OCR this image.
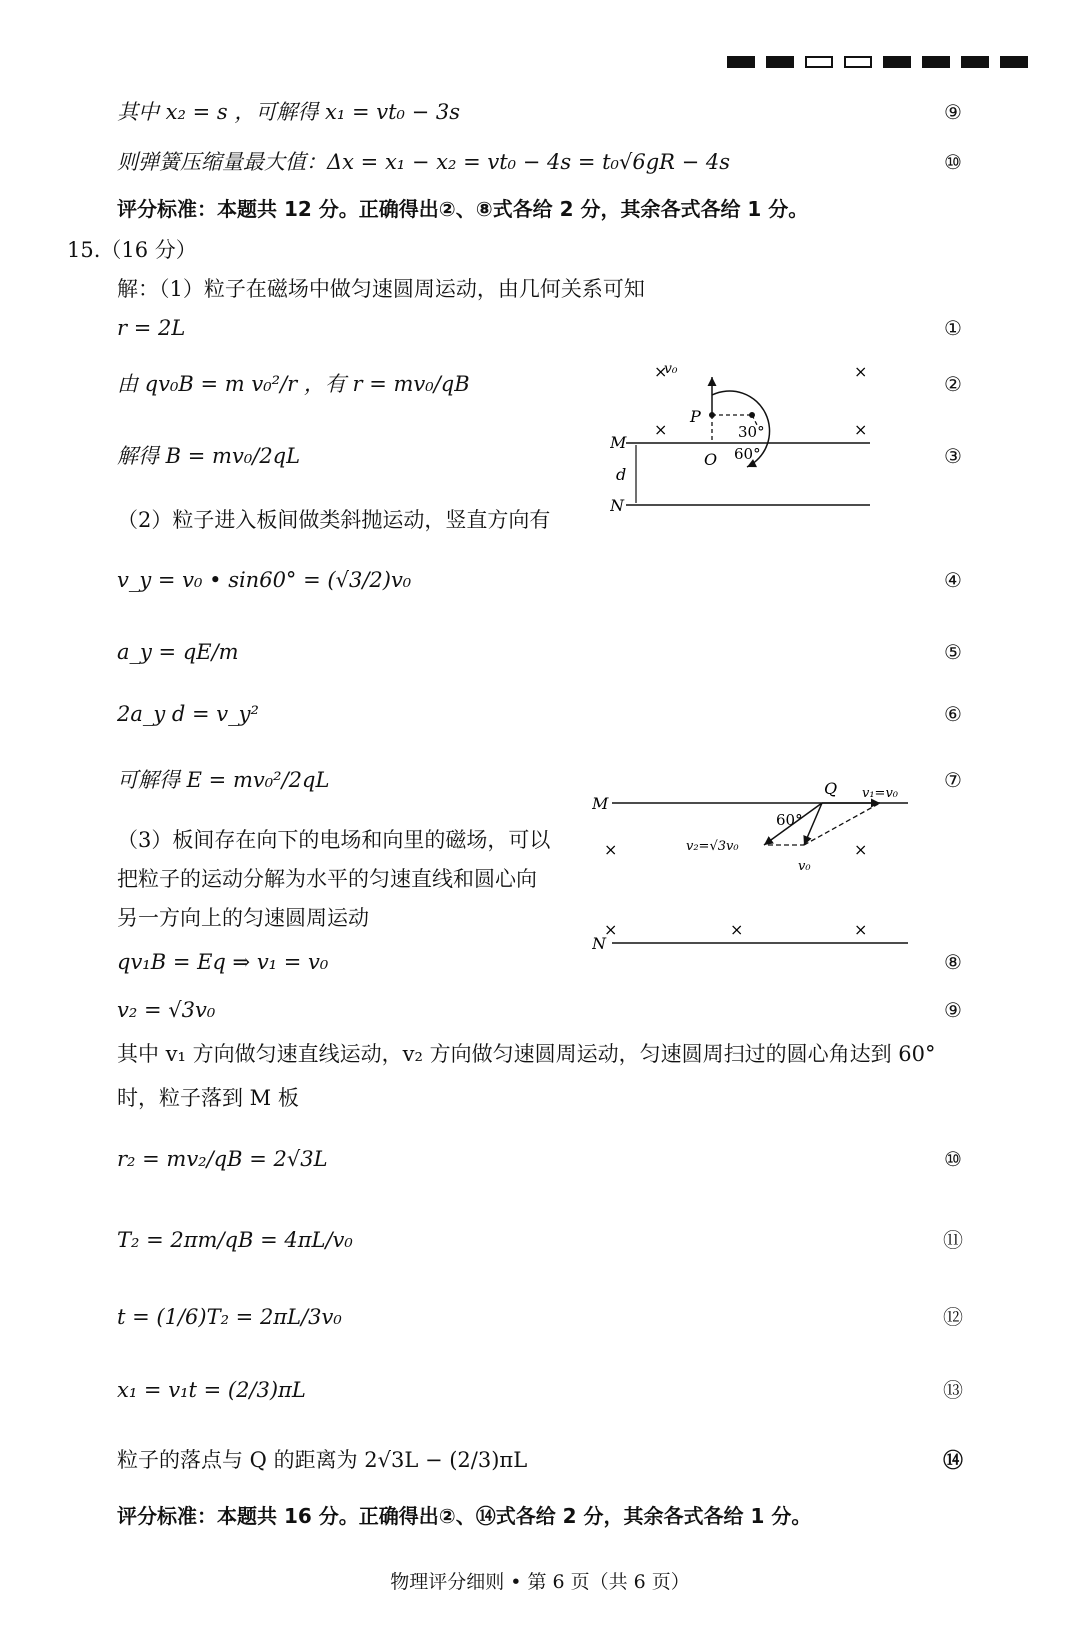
其中 x₂ = s ，可解得 x₁ = vt₀ − 3s	⑨
则弹簧压缩量最大值：Δx = x₁ − x₂ = vt₀ − 4s = t₀√6gR − 4s	⑩
评分标准：本题共 12 分。正确得出②、⑧式各给 2 分，其余各式各给 1 分。
15.（16 分）
解：（1）粒子在磁场中做匀速圆周运动，由几何关系可知
r = 2L	①
由 qv₀B = m v₀²/r ，有 r = mv₀/qB	②
解得 B = mv₀/2qL	③
（2）粒子进入板间做类斜抛运动，竖直方向有
v_y = v₀ • sin60° = (√3/2)v₀	④
a_y = qE/m	⑤
2a_y d = v_y²	⑥
可解得 E = mv₀²/2qL	⑦
（3）板间存在向下的电场和向里的磁场，可以
把粒子的运动分解为水平的匀速直线和圆心向
另一方向上的匀速圆周运动
qv₁B = Eq ⇒ v₁ = v₀	⑧
v₂ = √3v₀	⑨
其中 v₁ 方向做匀速直线运动，v₂ 方向做匀速圆周运动，匀速圆周扫过的圆心角达到 60°
时，粒子落到 M 板
r₂ = mv₂/qB = 2√3L	⑩
T₂ = 2πm/qB = 4πL/v₀	⑪
t = (1/6)T₂ = 2πL/3v₀	⑫
x₁ = v₁t = (2/3)πL	⑬
粒子的落点与 Q 的距离为 2√3L − (2/3)πL	⑭
评分标准：本题共 16 分。正确得出②、⑭式各给 2 分，其余各式各给 1 分。
×	×
×	×
v₀
P
M
O
d
N
30°
60°
M
N
Q v₁=v₀
60°
v₂=√3v₀
v₀
×	×
×	×	×
物理评分细则 • 第 6 页（共 6 页）
